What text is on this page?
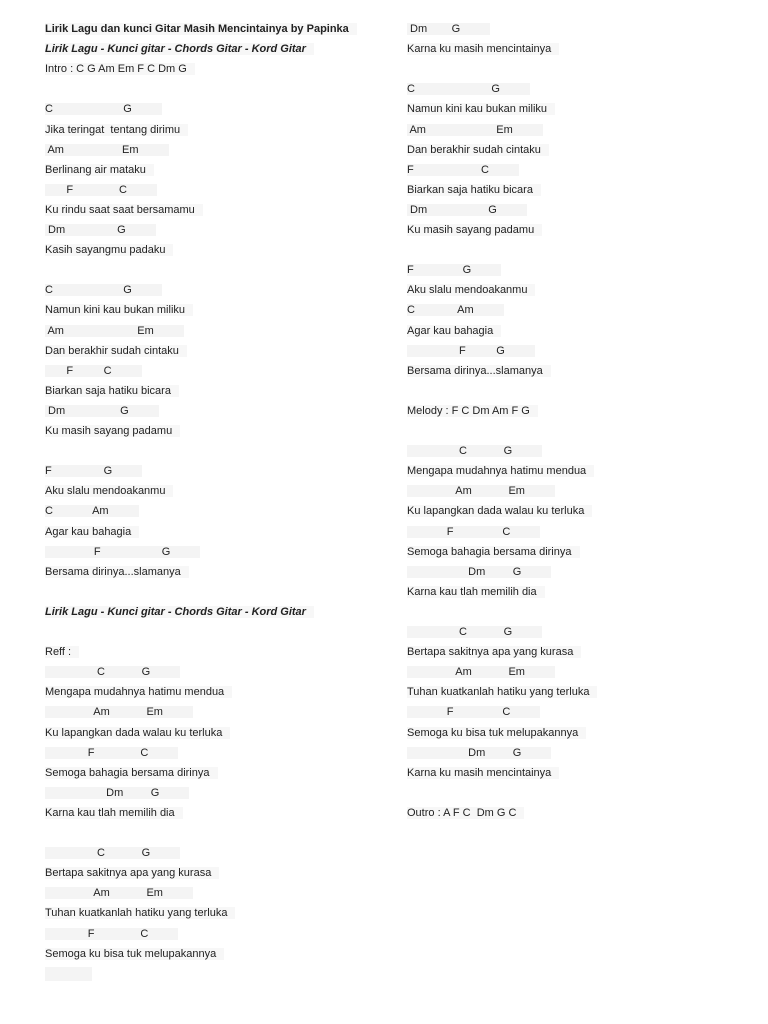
Lirik Lagu dan kunci Gitar Masih Mencintainya by Papinka
Lirik Lagu - Kunci gitar - Chords Gitar - Kord Gitar
Intro : C G Am Em F C Dm G
C                       G
Jika teringat  tentang dirimu
Am                   Em
Berlinang air mataku
F               C
Ku rindu saat saat bersamamu
Dm                 G
Kasih sayangmu padaku
C                       G
Namun kini kau bukan miliku
Am                        Em
Dan berakhir sudah cintaku
F          C
Biarkan saja hatiku bicara
Dm                  G
Ku masih sayang padamu
F                 G
Aku slalu mendoakanmu
C             Am
Agar kau bahagia
F                    G
Bersama dirinya...slamanya
Lirik Lagu - Kunci gitar - Chords Gitar - Kord Gitar
Reff :
C            G
Mengapa mudahnya hatimu mendua
Am            Em
Ku lapangkan dada walau ku terluka
F               C
Semoga bahagia bersama dirinya
Dm         G
Karna kau tlah memilih dia
C            G
Bertapa sakitnya apa yang kurasa
Am            Em
Tuhan kuatkanlah hatiku yang terluka
F               C
Semoga ku bisa tuk melupakannya
Dm        G
Karna ku masih mencintainya
C                         G
Namun kini kau bukan miliku
Am                       Em
Dan berakhir sudah cintaku
F                      C
Biarkan saja hatiku bicara
Dm                    G
Ku masih sayang padamu
F                G
Aku slalu mendoakanmu
C              Am
Agar kau bahagia
F          G
Bersama dirinya...slamanya
Melody : F C Dm Am F G
C            G
Mengapa mudahnya hatimu mendua
Am            Em
Ku lapangkan dada walau ku terluka
F                C
Semoga bahagia bersama dirinya
Dm         G
Karna kau tlah memilih dia
C            G
Bertapa sakitnya apa yang kurasa
Am            Em
Tuhan kuatkanlah hatiku yang terluka
F                C
Semoga ku bisa tuk melupakannya
Dm         G
Karna ku masih mencintainya
Outro : A F C  Dm G C
